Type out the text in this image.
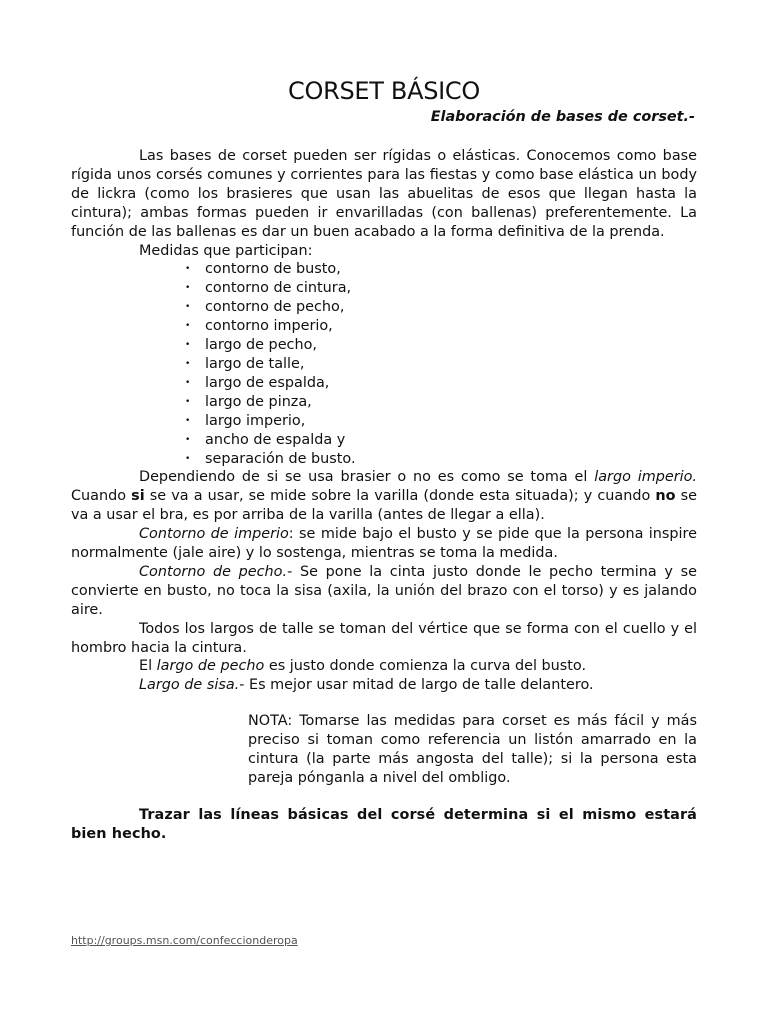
CORSET BÁSICO
Elaboración de bases de corset.-

Las bases de corset pueden ser rígidas o elásticas. Conocemos como base rígida unos corsés comunes y corrientes para las fiestas y como base elástica un body de lickra (como los brasieres que usan las abuelitas de esos que llegan hasta la cintura); ambas formas pueden ir envarilladas (con ballenas) preferentemente. La función de las ballenas es dar un buen acabado a la forma definitiva de la prenda.

Medidas que participan:

• contorno de busto,
• contorno de cintura,
• contorno de pecho,
• contorno imperio,
• largo de pecho,
• largo de talle,
• largo de espalda,
• largo de pinza,
• largo imperio,
• ancho de espalda y
• separación de busto.

Dependiendo de si se usa brasier o no es como se toma el largo imperio. Cuando si se va a usar, se mide sobre la varilla (donde esta situada); y cuando no se va a usar el bra, es por arriba de la varilla (antes de llegar a ella).

Contorno de imperio: se mide bajo el busto y se pide que la persona inspire normalmente (jale aire) y lo sostenga, mientras se toma la medida.

Contorno de pecho.- Se pone la cinta justo donde le pecho termina y se convierte en busto, no toca la sisa (axila, la unión del brazo con el torso) y es jalando aire.

Todos los largos de talle se toman del vértice que se forma con el cuello y el hombro hacia la cintura.

El largo de pecho es justo donde comienza la curva del busto.

Largo de sisa.- Es mejor usar mitad de largo de talle delantero.

NOTA: Tomarse las medidas para corset es más fácil y más preciso si toman como referencia un listón amarrado en la cintura (la parte más angosta del talle); si la persona esta pareja pónganla a nivel del ombligo.

Trazar las líneas básicas del corsé determina si el mismo estará bien hecho.

http://groups.msn.com/confeccionderopa
